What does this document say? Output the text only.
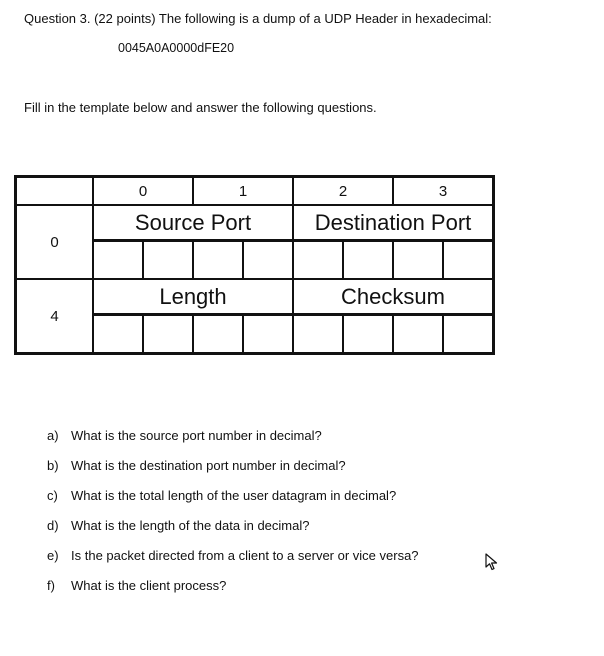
Question 3. (22 points) The following is a dump of a UDP Header in hexadecimal:
0045A0A0000dFE20
Fill in the template below and answer the following questions.
	0		1		2		3	
0	Source Port				Destination Port			

4	Length				Checksum			

a) What is the source port number in decimal?
b) What is the destination port number in decimal?
c)	What is the total length of the user datagram in decimal?
d) What is the length of the data in decimal?
e) Is the packet directed from a client to a server or vice versa?
f)	What is the client process?
